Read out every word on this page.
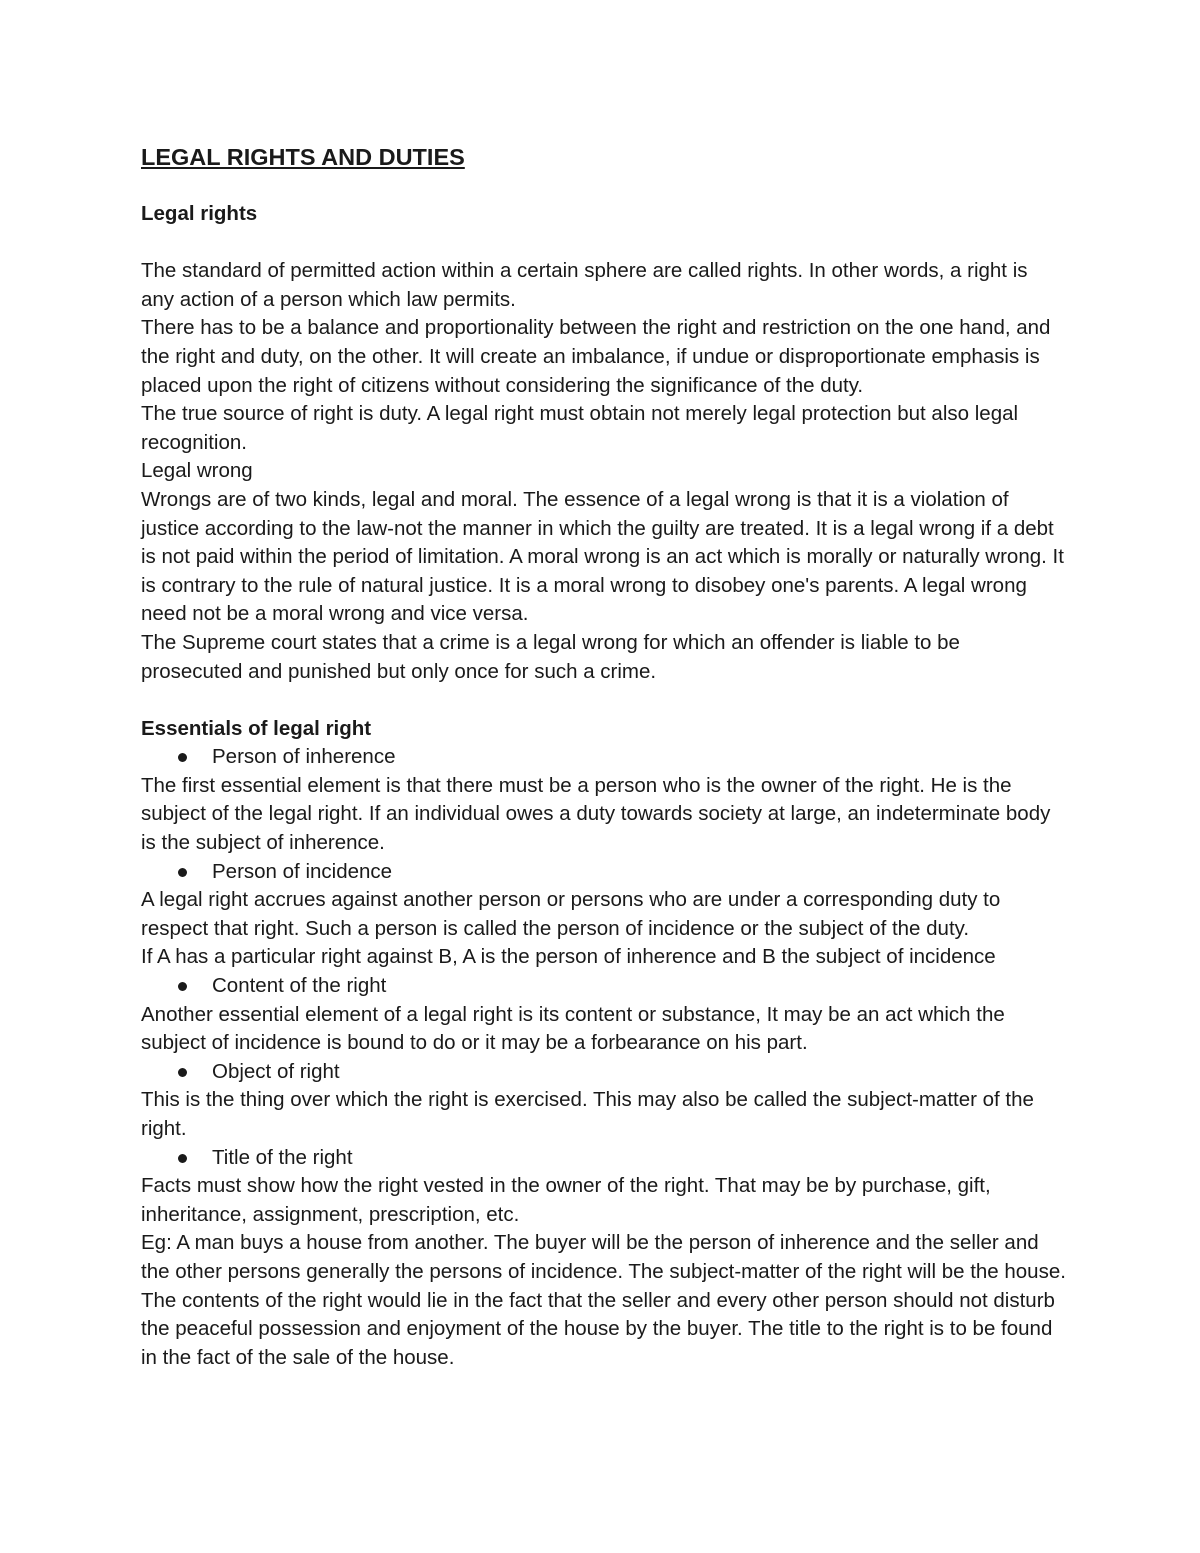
LEGAL RIGHTS AND DUTIES

Legal rights

The standard of permitted action within a certain sphere are called rights. In other words, a right is any action of a person which law permits.

There has to be a balance and proportionality between the right and restriction on the one hand, and the right and duty, on the other. It will create an imbalance, if undue or disproportionate emphasis is placed upon the right of citizens without considering the significance of the duty.

The true source of right is duty. A legal right must obtain not merely legal protection but also legal recognition.

Legal wrong

Wrongs are of two kinds, legal and moral. The essence of a legal wrong is that it is a violation of justice according to the law-not the manner in which the guilty are treated. It is a legal wrong if a debt is not paid within the period of limitation. A moral wrong is an act which is morally or naturally wrong. It is contrary to the rule of natural justice. It is a moral wrong to disobey one's parents. A legal wrong need not be a moral wrong and vice versa.

The Supreme court states that a crime is a legal wrong for which an offender is liable to be prosecuted and punished but only once for such a crime.

Essentials of legal right

Person of inherence

The first essential element is that there must be a person who is the owner of the right. He is the subject of the legal right. If an individual owes a duty towards society at large, an indeterminate body is the subject of inherence.

Person of incidence

A legal right accrues against another person or persons who are under a corresponding duty to respect that right. Such a person is called the person of incidence or the subject of the duty.

If A has a particular right against B, A is the person of inherence and B the subject of incidence

Content of the right

Another essential element of a legal right is its content or substance, It may be an act which the subject of incidence is bound to do or it may be a forbearance on his part.

Object of right

This is the thing over which the right is exercised. This may also be called the subject-matter of the right.

Title of the right

Facts must show how the right vested in the owner of the right. That may be by purchase, gift, inheritance, assignment, prescription, etc.

Eg: A man buys a house from another. The buyer will be the person of inherence and the seller and the other persons generally the persons of incidence. The subject-matter of the right will be the house. The contents of the right would lie in the fact that the seller and every other person should not disturb the peaceful possession and enjoyment of the house by the buyer. The title to the right is to be found in the fact of the sale of the house.
